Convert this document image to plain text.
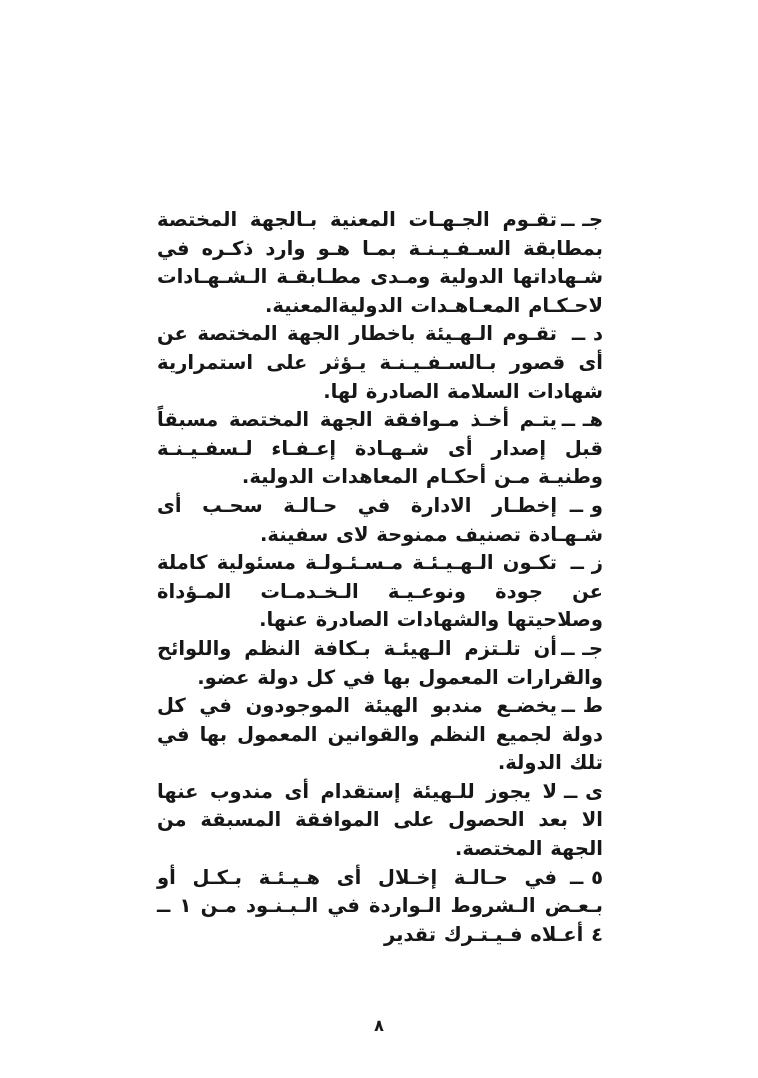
جـ ــتقـوم الجـهـات المعنية بـالجهة المختصة بمطابقة السـفـيـنـة بمـا هـو وارد ذكـره في شـهاداتها الدولية ومـدى مطـابقـة الـشـهـادات لاحـكـام المعـاهـدات الدوليةالمعنية.

د ــتقـوم الـهـيئة باخطار الجهة المختصة عن أى قصور بـالسـفـيـنـة يـؤثر على استمرارية شهادات السلامة الصادرة لها.

هـ ــيتـم أخـذ مـوافقة الجهة المختصة مسبقاً قبل إصدار أى شـهـادة إعـفـاء لـسفـيـنـة وطنيـة مـن أحكـام المعاهدات الدولية.

و ــإخطـار الادارة في حـالـة سحـب أى شـهـادة تصنيف ممنوحة لاى سفينة.

ز ــتكـون الـهـيـئـة مـسـئـولـة مسئولية كاملة عن جودة ونوعـيـة الـخـدمـات المـؤداة وصلاحيتها والشهادات الصادرة عنها.

جـ ــأن تلـتزم الـهيئـة بـكافة النظم واللوائح والقرارات المعمول بها في كل دولة عضو.

ط ــيخضـع مندبو الهيئة الموجودون في كل دولة لجميع النظم والقوانين المعمول بها في تلك الدولة.

ى ــلا يجوز للـهيئة إستقدام أى مندوب عنها الا بعد الحصول على الموافقة المسبقة من الجهة المختصة.

٥ ــفي حـالـة إخـلال أى هـيـئـة بـكـل أو بـعـض الـشروط الـواردة في الـبـنـود مـن ١ ــ ٤ أعـلاه فـيـتـرك تقدير

٨
